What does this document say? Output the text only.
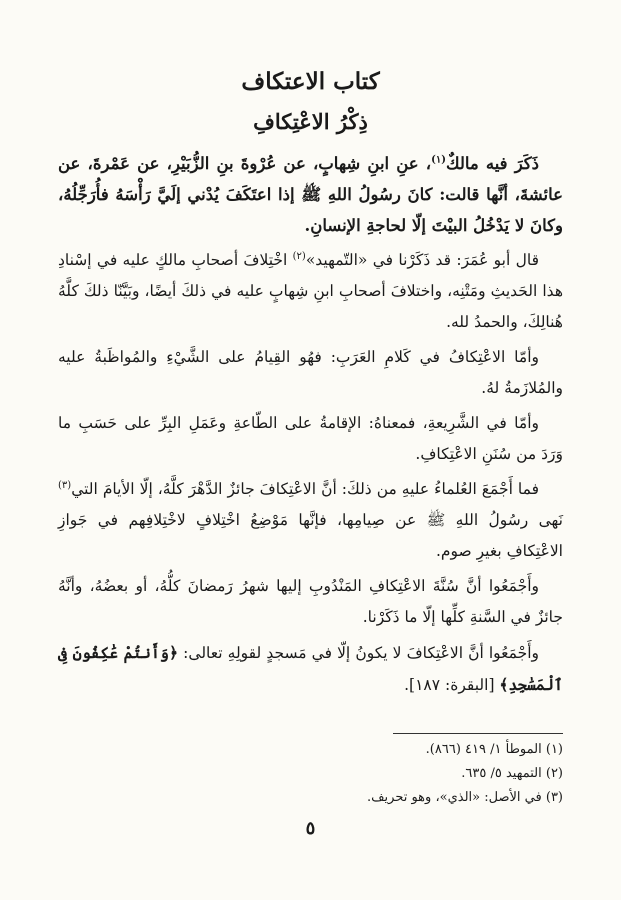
كتاب الاعتكاف
ذِكْرُ الاعْتِكافِ

ذَكَرَ فيه مالكٌ$^{(١)}$، عنِ ابنِ شِهابٍ، عن عُرْوةَ بنِ الزُّبَيْرِ، عن عَمْرةَ، عن عائشةَ، أنَّها قالت: كانَ رسُولُ اللهِ ﷺ إذا اعتَكَفَ يُدْني إلَيَّ رَأْسَهُ فأُرَجِّلُهُ، وكانَ لا يَدْخُلُ البيْتَ إلّا لحاجةِ الإنسانِ.

قال أبو عُمَرَ: قد ذَكَرْنا في «التّمهيد»$^{(٢)}$ اخْتِلافَ أصحابِ مالكٍ عليه في إسْنادِ هذا الحَديثِ ومَتْنِه، واختلافَ أصحابِ ابنِ شِهابٍ عليه في ذلكَ أيضًا، وبَيَّنّا ذلكَ كلَّهُ هُنالِكَ، والحمدُ لله.

وأمّا الاعْتِكافُ في كَلامِ العَرَبِ: فهُو القِيامُ على الشَّيْءِ والمُواظَبةُ عليه والمُلازَمةُ لهُ.

وأمّا في الشَّرِيعةِ، فمعناهُ: الإقامةُ على الطّاعةِ وعَمَلِ البِرِّ على حَسَبِ ما وَرَدَ من سُنَنِ الاعْتِكافِ.

فما أَجْمَعَ العُلماءُ عليهِ من ذلكَ: أنَّ الاعْتِكافَ جائزٌ الدَّهْرَ كلَّهُ، إلّا الأيامَ التي$^{(٣)}$ نَهى رسُولُ اللهِ ﷺ عن صِيامِها، فإنَّها مَوْضِعُ اخْتِلافٍ لاخْتِلافِهم في جَوازِ الاعْتِكافِ بغيرِ صوم.

وأَجْمَعُوا أنَّ سُنَّةَ الاعْتِكافِ المَنْدُوبِ إليها شهرُ رَمضانَ كلُّهُ، أو بعضُهُ، وأنَّهُ جائزٌ في السَّنةِ كلِّها إلّا ما ذَكَرْنا.

وأَجْمَعُوا أنَّ الاعْتِكافَ لا يكونُ إلّا في مَسجدٍ لقولِهِ تعالى: ﴿وَأَنتُمْ عَٰكِفُونَ فِى ٱلْمَسَٰجِدِ﴾ [البقرة: ١٨٧].

(١) الموطأ ١/ ٤١٩ (٨٦٦).

(٢) التمهيد ٥/ ٦٣٥.

(٣) في الأصل: «الذي»، وهو تحريف.

٥
